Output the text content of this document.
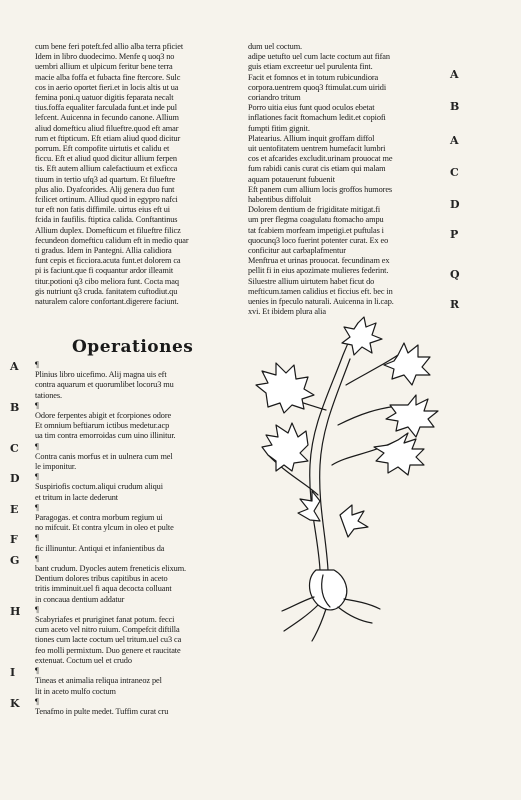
cum bene feri poteft.fed allio alba terra pficiet

Idem in libro duodecimo. Menfe q uoq3 no

uembri allium et ulpicum feritur bene terra

macie alba foffa et fubacta fine ftercore. Sulc

cos in aerio oportet fieri.et in locis altis ut ua

femina poni.q uatuor digitis feparata necalt

tius.foffa equaliter farculada funt.et inde pul

lefcent. Auicenna in fecundo canone. Allium

aliud domefticu aliud filueftre.quod eft amar

rum et ftipticum. Eft etiam aliud quod dicitur

porrum. Eft compofite uirtutis et calidu et

ficcu. Eft et aliud quod dicitur allium ferpen

tis. Eft autem allium calefactiuum et exficca

tiuum in tertio ufq3 ad quartum. Et filueftre

plus alio. Dyafcorides. Alij genera duo funt

fcilicet ortinum. Alliud quod in egypro nafci

tur eft non fatis diffimile. uirtus eius eft ui

fcida in faufilis. ftiptica calida. Conftantinus

Allium duplex. Domefticum et filueftre filicz

fecundeon domefticu calidum eft in medio quar

ti gradus. Idem in Pantegni. Allia calidiora

funt cepis et ficciora.acuta funt.et dolorem ca

pi is faciunt.que fi coquantur ardor illeamit

titur.potioni q3 cibo meliora funt. Cocta maq

gis nutriunt q3 cruda. fanitatem cuftodiut.qu

naturalem calore confortant.digerere faciunt.

Operationes

¶ Plinius libro uicefimo. Alij magna uis eft

contra aquarum et quorumlibet locoru3 mu

tationes.

¶ Odore ferpentes abigit et fcorpiones odore

Et omnium beftiarum ictibus medetur.acp

ua tim contra emorroidas cum uino illinitur.

¶ Contra canis morfus et in uulnera cum mel

le imponitur.

¶ Suspiriofis coctum.aliqui crudum aliqui

et tritum in lacte dederunt

¶ Paragogas. et contra morbum regium ui

no mifcuit. Et contra ylcum in oleo et pulte

¶ fic illinuntur. Antiqui et infanientibus da

¶ bant crudum. Dyocles autem freneticis elixum.

Dentium dolores tribus capitibus in aceto

tritis imminuit.uel fi aqua decocta colluant

in concaua dentium addatur

¶ Scabyriafes et pruriginet fanat potum. fecci

cum aceto vel nitro ruium. Compefcit diftilla

tiones cum lacte coctum uel tritum.uel cu3 ca

feo molli permixtum. Duo genere et raucitate

extenuat. Coctum uel et crudo

¶ Tineas et animalia reliqua intraneoz pel

lit in aceto mulfo coctum

¶ Tenafmo in pulte medet. Tuffim curat cru

dum uel coctum.

adipe uetufto uel cum lacte coctum aut fifan

guis etiam excreetur uel purulenta fint.

Facit et fomnos et in totum rubicundiora

corpora.uentrem quoq3 ftimulat.cum uiridi

coriandro tritum

Porro uitia eius funt quod oculos ebetat

inflationes facit ftomachum ledit.et copiofi

fumpti fitim gignit.

Platearius. Allium inquit groffam diffol

uit uentofitatem uentrem humefacit lumbri

cos et afcarides excludit.urinam prouocat me

fum rabidi canis curat cis etiam qui malam

aquam potauerunt fubuenit

Eft panem cum allium locis groffos humores

habentibus diffoluit

Dolorem dentium de frigiditate mitigat.fi

um prer flegma coagulatu ftomacho ampu

tat fcabiem morfeam impetigi.et puftulas i

quocunq3 loco fuerint potenter curat. Ex eo

conficitur aut carbaplafmentur

Menftrua et urinas prouocat. fecundinam ex

pellit fi in eius apozimate mulieres federint.

Siluestre allium uirtutem habet ficut do

mefticum.tamen calidius et ficcius eft. bec in

uenies in fpeculo naturali. Auicenna in li.cap.

xvi. Et ibidem plura alia

A
B
A
C
D
P
Q
R
A
B
C
D
E
F
G
H
I
K
